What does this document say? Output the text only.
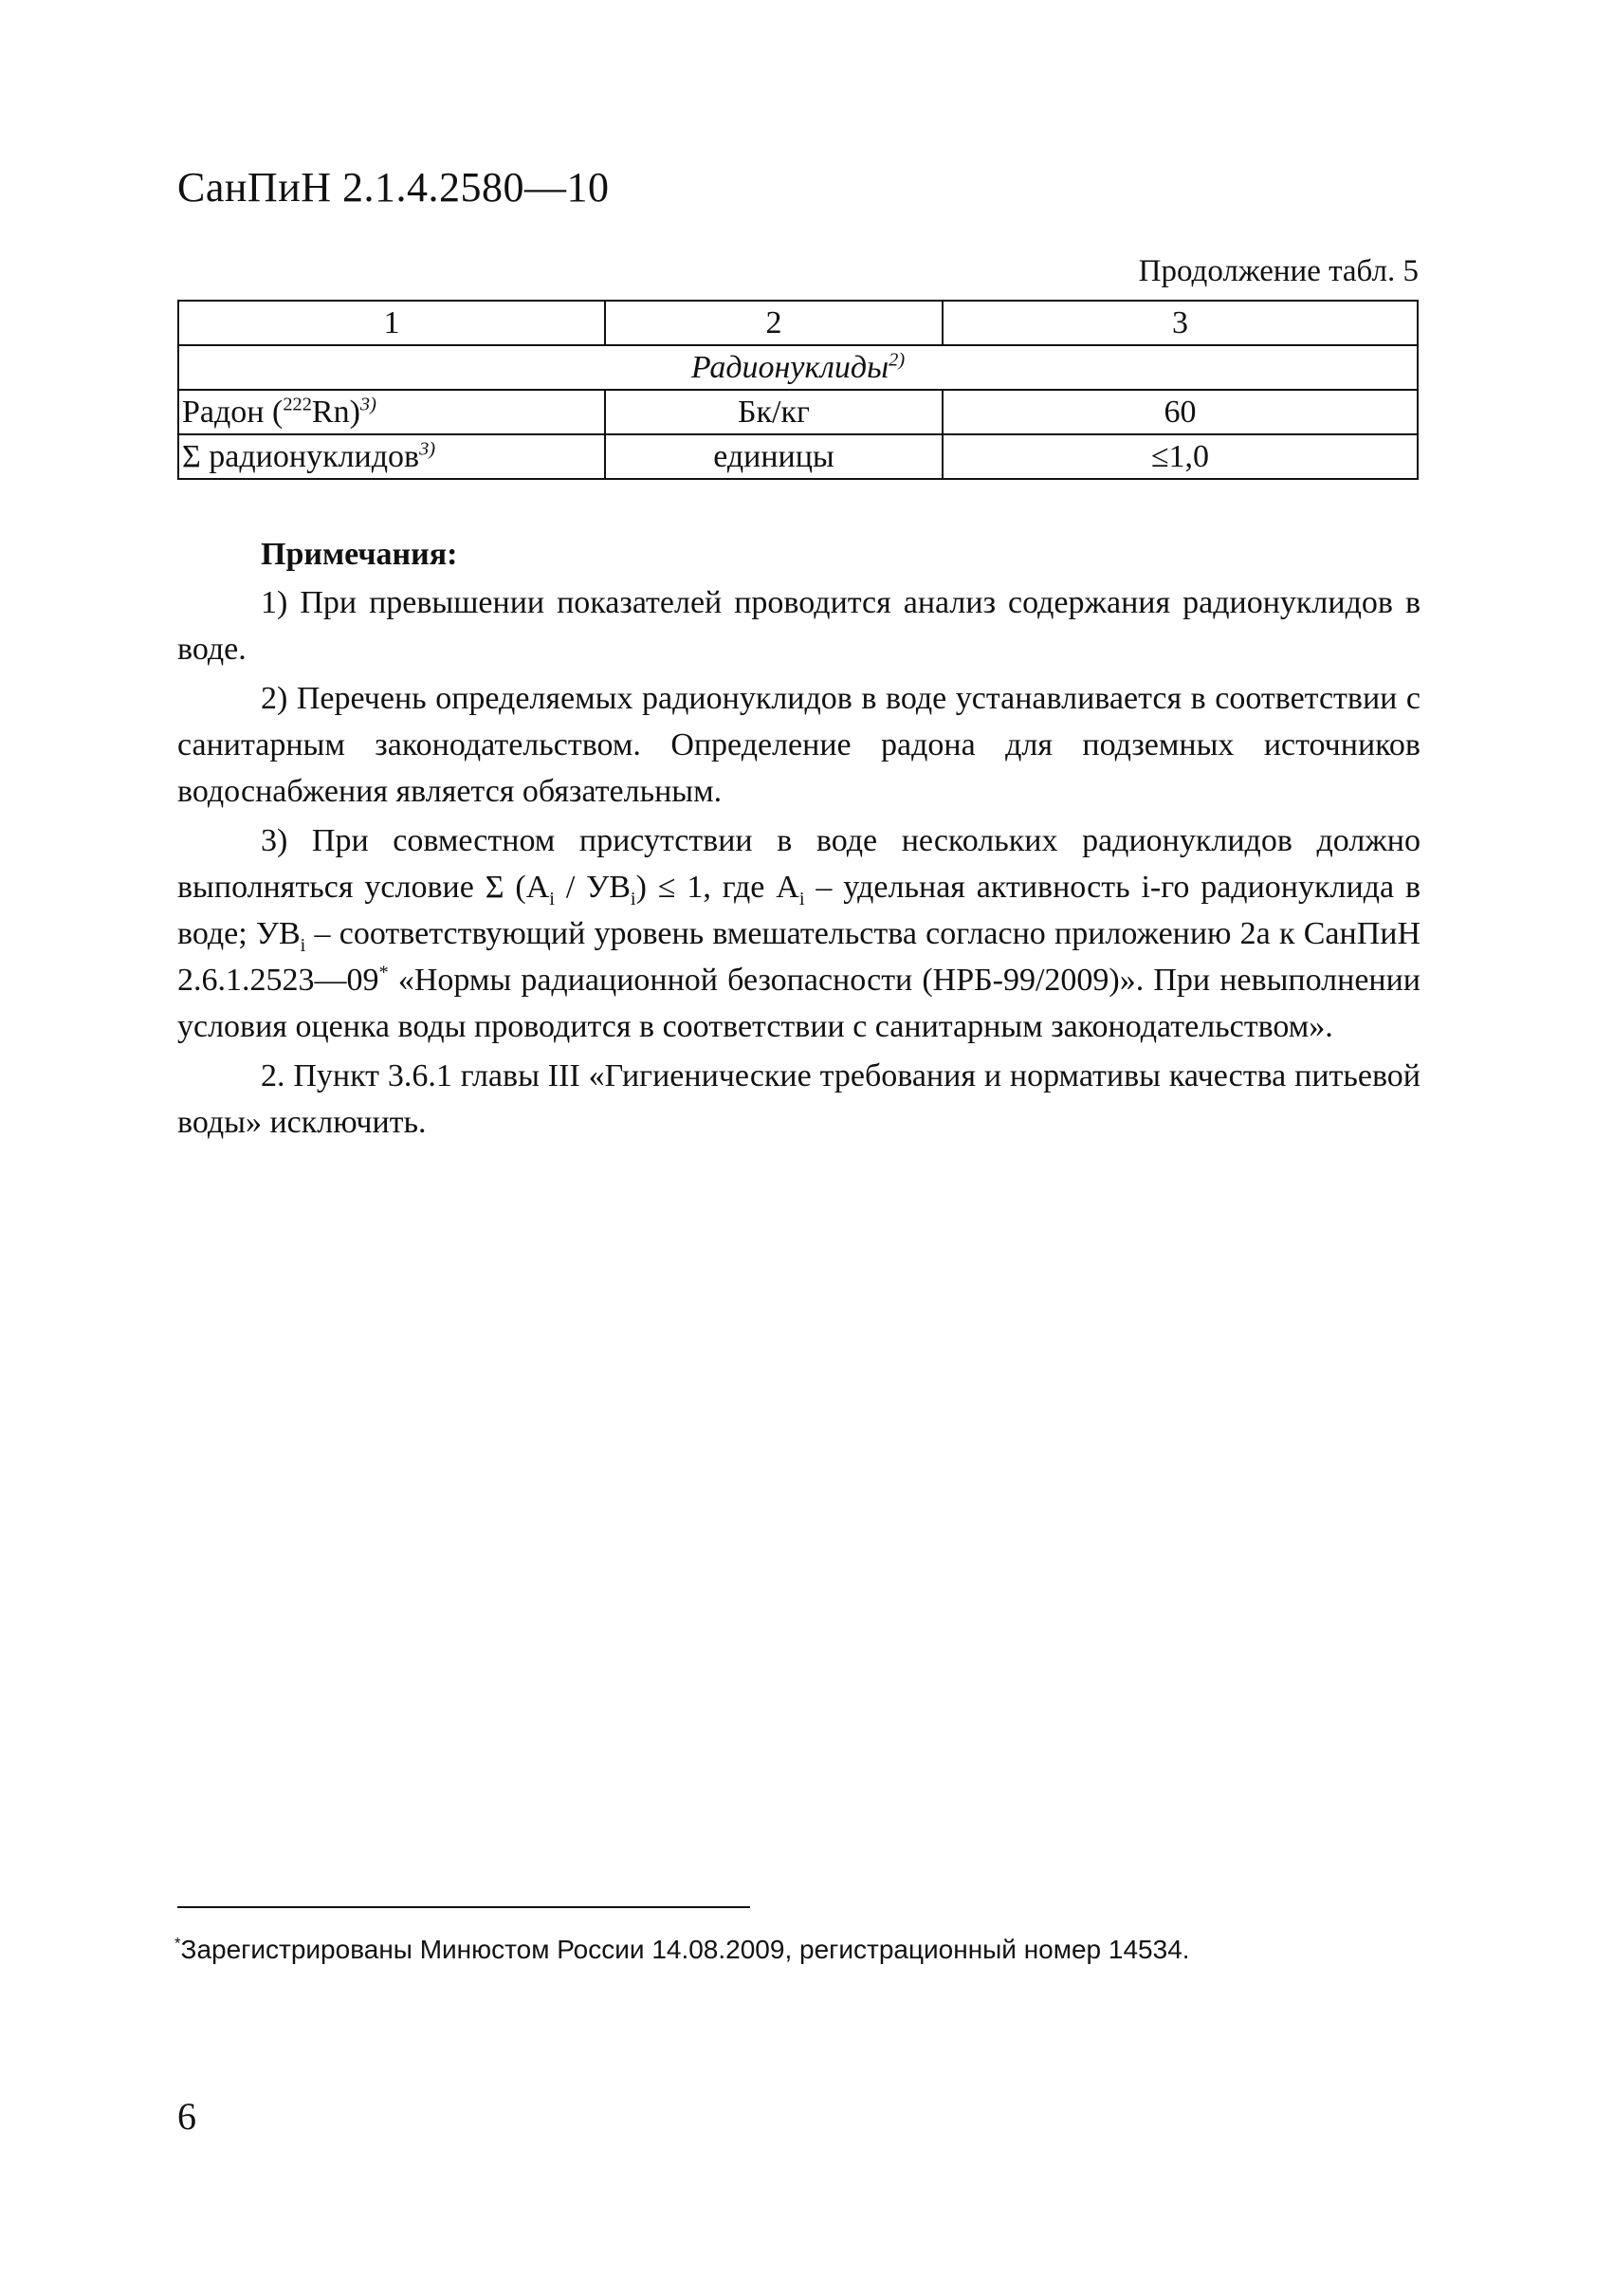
СанПиН 2.1.4.2580—10
Продолжение табл. 5
1	2	3
Радионуклиды$^{2)}$
Радон $(^{222}Rn)^{3)}$	Бк/кг	60
Σ радионуклидов$^{3)}$	единицы	≤1,0
Примечания:

1) При превышении показателей проводится анализ содержания радионуклидов в воде.

2) Перечень определяемых радионуклидов в воде устанавливается в соответствии с санитарным законодательством. Определение радона для подземных источников водоснабжения является обязательным.

3) При совместном присутствии в воде нескольких радионуклидов должно выполняться условие Σ $(A_i / УВ_i) \le 1$, где $A_i$ – удельная активность i-го радионуклида в воде; $УВ_i$ – соответствующий уровень вмешательства согласно приложению 2а к СанПиН 2.6.1.2523—09* «Нормы радиационной безопасности (НРБ-99/2009)». При невыполнении условия оценка воды проводится в соответствии с санитарным законодательством».

2. Пункт 3.6.1 главы III «Гигиенические требования и нормативы качества питьевой воды» исключить.

*Зарегистрированы Минюстом России 14.08.2009, регистрационный номер 14534.
6
